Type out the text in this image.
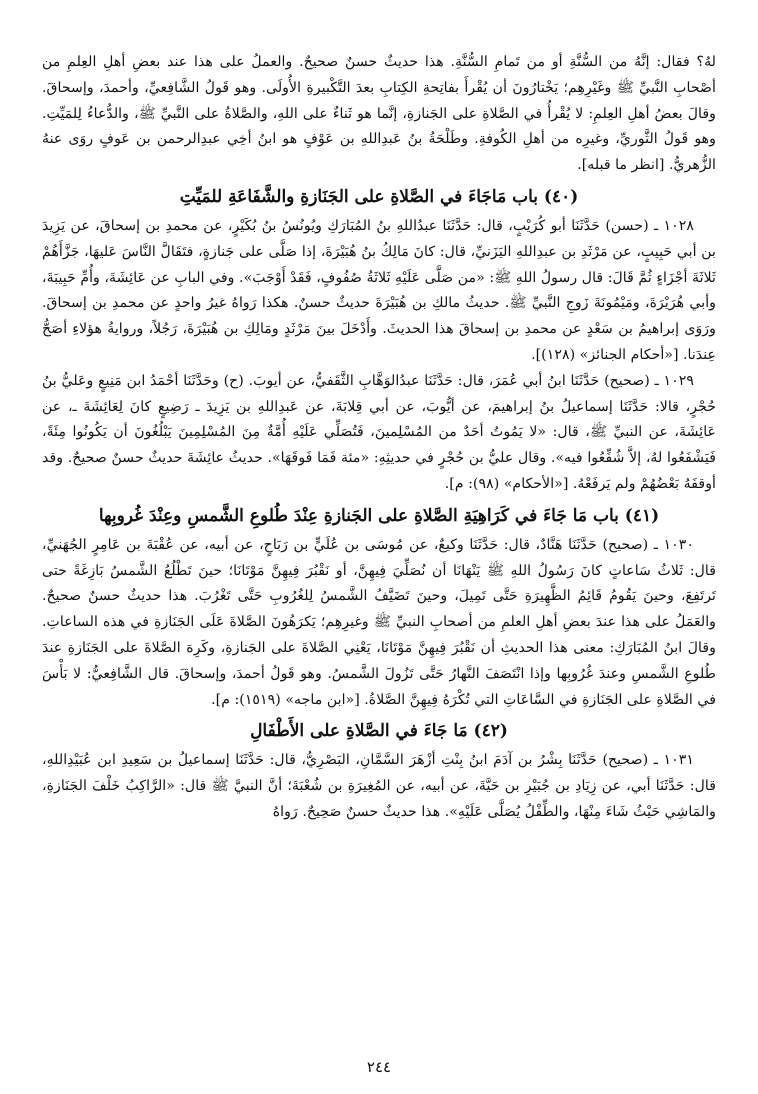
لهُ؟ فقال: إنَّهُ من السُّنَّةِ أو من تَمامِ السُّنَّةِ. هذا حديثٌ حسنٌ صحيحٌ. والعملُ على هذا عند بعضِ أهلِ العِلمِ من أصْحابِ النَّبيِّ ﷺ وغَيْرِهِم؛ يَخْتارُونَ أن يُقْرأَ بفاتِحةِ الكِتابِ بعدَ التَّكْبيرةِ الأُولَى. وهو قَولُ الشَّافِعيِّ، وأحمدَ، وإسحاقَ. وقالَ بعضُ أهلِ العِلمِ: لا يُقْرأُ في الصَّلاةِ على الجَنازةِ، إنَّما هو ثَناءٌ على اللهِ، والصَّلاةُ على النَّبيِّ ﷺ، والدُّعاءُ لِلمَيِّتِ. وهو قَولُ الثَّوريِّ، وغيرِه من أهلِ الكُوفةِ. وطَلْحَةُ بنُ عَبدِاللهِ بن عَوْفٍ هو ابنُ أخِي عبدِالرحمن بن عَوفٍ روَى عنهُ الزُّهريُّ. [انظر ما قبله].

(٤٠) باب مَاجَاءَ في الصَّلاةِ على الجَنَازةِ والشَّفَاعَةِ للمَيِّتِ

١٠٢٨ ـ (حسن) حَدَّثَنَا أبو كُرَيْبٍ، قال: حَدَّثَنَا عبدُاللهِ بنُ المُبَارَكِ ويُونُسُ بنُ بُكَيْرٍ، عن محمدِ بن إسحاقَ، عن يَزِيدَ بن أبي حَبِيبٍ، عن مَرْثَدِ بن عبدِاللهِ اليَزَنيِّ، قال: كانَ مَالِكُ بنُ هُبَيْرَةَ، إذا صَلَّى على جَنازةٍ، فتَقَالَّ النَّاسَ عَليهَا، جَزَّأَهُمْ ثَلاثَةَ أجْزَاءٍ ثُمَّ قَالَ: قال رسولُ اللهِ ﷺ: «من صَلَّى عَلَيْهِ ثَلاثَةُ صُفُوفٍ، فَقَدْ أَوْجَبَ». وفي البابِ عن عَائِشَةَ، وأُمِّ حَبِيبَةَ، وأبي هُرَيْرَةَ، ومَيْمُونَةَ زَوجِ النَّبيِّ ﷺ. حديثُ مالكِ بن هُبَيْرَةَ حديثٌ حسنٌ. هكذا رَواهُ غيرُ واحدٍ عن محمدِ بن إسحاقَ. ورَوَى إبراهيمُ بن سَعْدٍ عن محمدِ بن إسحاقَ هذا الحديثَ. وأَدْخَلَ بينَ مَرْثَدٍ ومَالِكِ بن هُبَيْرَةَ، رَجُلاً، وروايةُ هؤلاءِ أصَحُّ عِندَنا. [«أحكام الجنائز» (١٢٨)].

١٠٢٩ ـ (صحيح) حَدَّثَنَا ابنُ أبي عُمَرَ، قال: حَدَّثَنَا عبدُالوَهَّابِ الثَّقَفيُّ، عن أيوبَ. (ح) وحَدَّثَنَا أحْمَدُ ابن مَنِيعٍ وعَليُّ بنُ حُجْرٍ، قالا: حَدَّثَنَا إسماعيلُ بنُ إبراهيمَ، عن أيُّوبَ، عن أبي قِلابَةَ، عن عَبدِاللهِ بن يَزِيدَ ـ رَضِيعٍ كانَ لِعَائِشَةَ ـ، عن عَائِشَةَ، عن النبيِّ ﷺ، قال: «لا يَمُوتُ أحَدٌ من المُسْلِمينَ، فَتُصَلِّي عَلَيْهِ أُمَّةٌ مِنَ المُسْلِمِينَ يَبْلُغُونَ أن يَكُونُوا مِئَةً، فَيَشْفَعُوا لهُ، إلاَّ شُفِّعُوا فيه». وقال عليُّ بن حُجْرٍ في حديثِهِ: «مئة فَمَا فَوقَهَا». حديثُ عائِشَةَ حديثٌ حسنٌ صحيحٌ. وقد أوقفَهُ بَعْضُهُمْ ولم يَرفَعْهُ. [«الأحكام» (٩٨): م].

(٤١) باب مَا جَاءَ في كَرَاهِيَةِ الصَّلاةِ على الجَنازةِ عِنْدَ طُلوعِ الشَّمسِ وعِنْدَ غُروبِها

١٠٣٠ ـ (صحيح) حَدَّثَنَا هَنَّادٌ، قال: حَدَّثَنَا وكيعٌ، عن مُوسَى بن عُلَيٍّ بن رَبَاحٍ، عن أبيه، عن عُقْبَةَ بن عَامِرٍ الجُهَنيِّ، قال: ثَلاثُ سَاعاتٍ كانَ رَسُولُ اللهِ ﷺ يَنْهَانَا أن نُصَلِّيَ فِيهِنَّ، أو نَقْبُرَ فِيهِنَّ مَوْتَانَا؛ حينَ تَطْلُعُ الشَّمسُ بَازِغَةً حتى تَرتَفِعَ، وحينَ يَقُومُ قَائِمُ الظَّهِيرَةِ حَتَّى تَمِيلَ، وحينَ تَضَيَّفُ الشَّمسُ لِلغُرُوبِ حَتَّى تَغْرُبَ. هذا حديثٌ حسنٌ صحيحٌ. والعَمَلُ على هذا عندَ بعضِ أهلِ العلمِ من أصحابِ النبيِّ ﷺ وغيرِهِم؛ يَكرَهُونَ الصَّلاةَ عَلَى الجَنَازةِ في هذه الساعاتِ. وقالَ ابنُ المُبَارَكِ: معنى هذا الحديثِ أن نَقْبُرَ فِيهِنَّ مَوْتَانَا، يَعْنِي الصَّلاةَ على الجَنازةِ، وكَرِهَ الصَّلاةَ على الجَنَازةِ عندَ طُلوعِ الشَّمسِ وعندَ غُرُوبِها وإذا انْتَصَفَ النَّهارُ حَتَّى تَزُولَ الشَّمسُ. وهو قَولُ أحمدَ، وإسحاقَ. قال الشَّافِعيُّ: لا بَأْسَ في الصَّلاةِ على الجَنَازةِ في السَّاعَاتِ التي تُكْرَهُ فِيهِنَّ الصَّلاةُ. [«ابن ماجه» (١٥١٩): م].

(٤٢) مَا جَاءَ في الصَّلاةِ على الأَطْفَالِ

١٠٣١ ـ (صحيح) حَدَّثَنَا بِشْرُ بن آدَمَ ابنُ بِنْتِ أزْهَرَ السَّمَّانِ، البَصْرِيُّ، قال: حَدَّثَنَا إسماعيلُ بن سَعِيدِ ابن عُبَيْدِاللهِ، قال: حَدَّثَنَا أبي، عن زِيَادِ بن جُبَيْرِ بن حَيَّةَ، عن أبيه، عن المُغِيرَةِ بن شُعْبَةَ؛ أنَّ النبيَّ ﷺ قال: «الرَّاكِبُ خَلْفَ الجَنَازةِ، والمَاشِي حَيْثُ شَاءَ مِنْهَا، والطِّفْلُ يُصَلَّى عَلَيْهِ». هذا حديثٌ حسنٌ صَحِيحٌ. رَواهُ

٢٤٤
